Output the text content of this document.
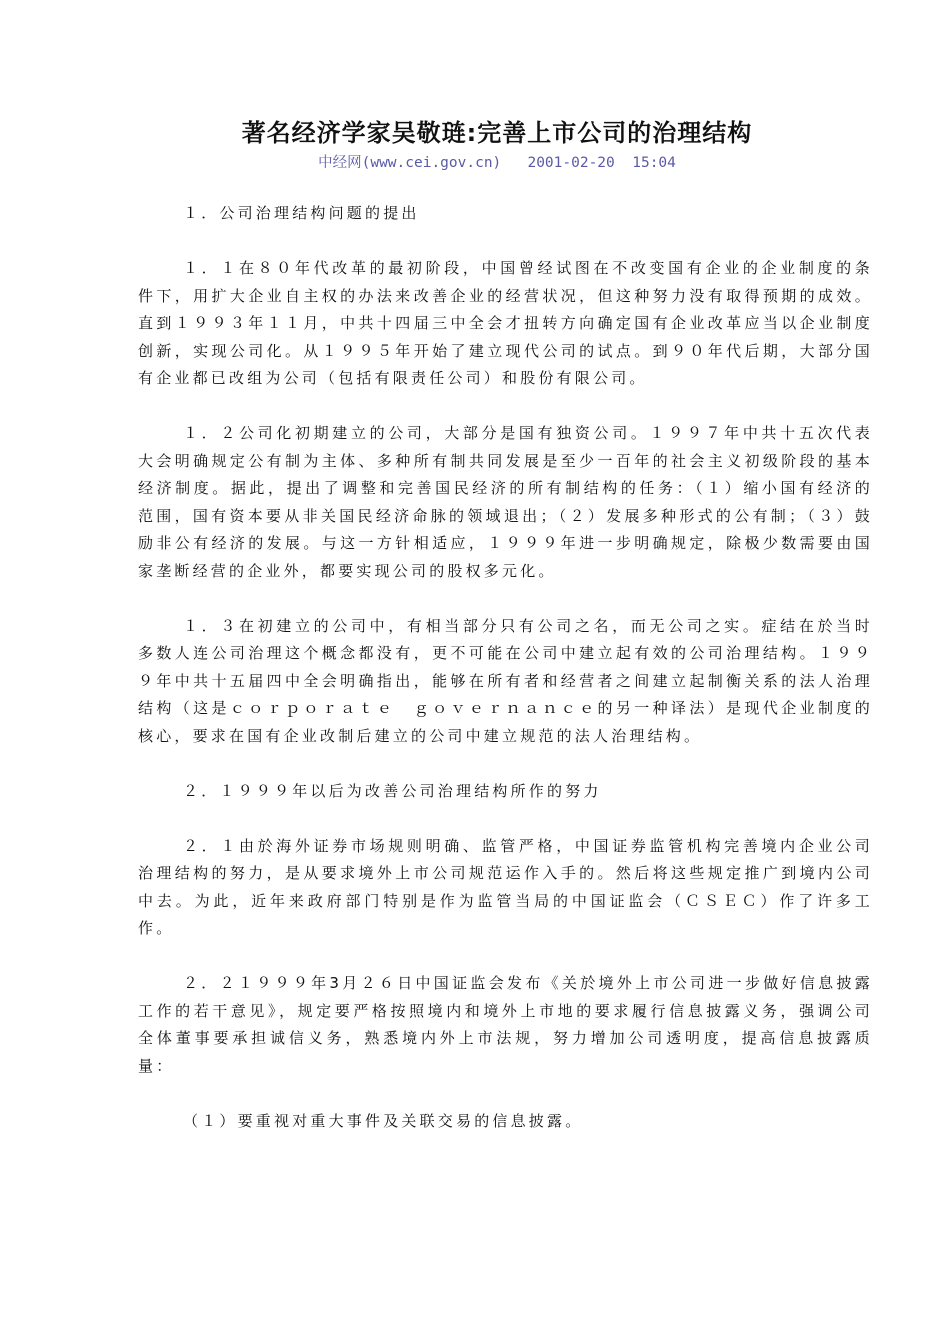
著名经济学家吴敬琏:完善上市公司的治理结构
中经网(www.cei.gov.cn)   2001-02-20  15:04

１．公司治理结构问题的提出

１．１在８０年代改革的最初阶段，中国曾经试图在不改变国有企业的企业制度的条件下，用扩大企业自主权的办法来改善企业的经营状况，但这种努力没有取得预期的成效。直到１９９３年１１月，中共十四届三中全会才扭转方向确定国有企业改革应当以企业制度创新，实现公司化。从１９９５年开始了建立现代公司的试点。到９０年代后期，大部分国有企业都已改组为公司（包括有限责任公司）和股份有限公司。

１．２公司化初期建立的公司，大部分是国有独资公司。１９９７年中共十五次代表大会明确规定公有制为主体、多种所有制共同发展是至少一百年的社会主义初级阶段的基本经济制度。据此，提出了调整和完善国民经济的所有制结构的任务：（１）缩小国有经济的范围，国有资本要从非关国民经济命脉的领域退出；（２）发展多种形式的公有制；（３）鼓励非公有经济的发展。与这一方针相适应，１９９９年进一步明确规定，除极少数需要由国家垄断经营的企业外，都要实现公司的股权多元化。

１．３在初建立的公司中，有相当部分只有公司之名，而无公司之实。症结在於当时多数人连公司治理这个概念都没有，更不可能在公司中建立起有效的公司治理结构。１９９９年中共十五届四中全会明确指出，能够在所有者和经营者之间建立起制衡关系的法人治理结构（这是ｃｏｒｐｏｒａｔｅ　ｇｏｖｅｒｎａｎｃｅ的另一种译法）是现代企业制度的核心，要求在国有企业改制后建立的公司中建立规范的法人治理结构。

２．１９９９年以后为改善公司治理结构所作的努力

２．１由於海外证券市场规则明确、监管严格，中国证券监管机构完善境内企业公司治理结构的努力，是从要求境外上市公司规范运作入手的。然后将这些规定推广到境内公司中去。为此，近年来政府部门特别是作为监管当局的中国证监会（ＣＳＥＣ）作了许多工作。

２．２１９９９年3月２６日中国证监会发布《关於境外上市公司进一步做好信息披露工作的若干意见》，规定要严格按照境内和境外上市地的要求履行信息披露义务，强调公司全体董事要承担诚信义务，熟悉境内外上市法规，努力增加公司透明度，提高信息披露质量：

（１）要重视对重大事件及关联交易的信息披露。
